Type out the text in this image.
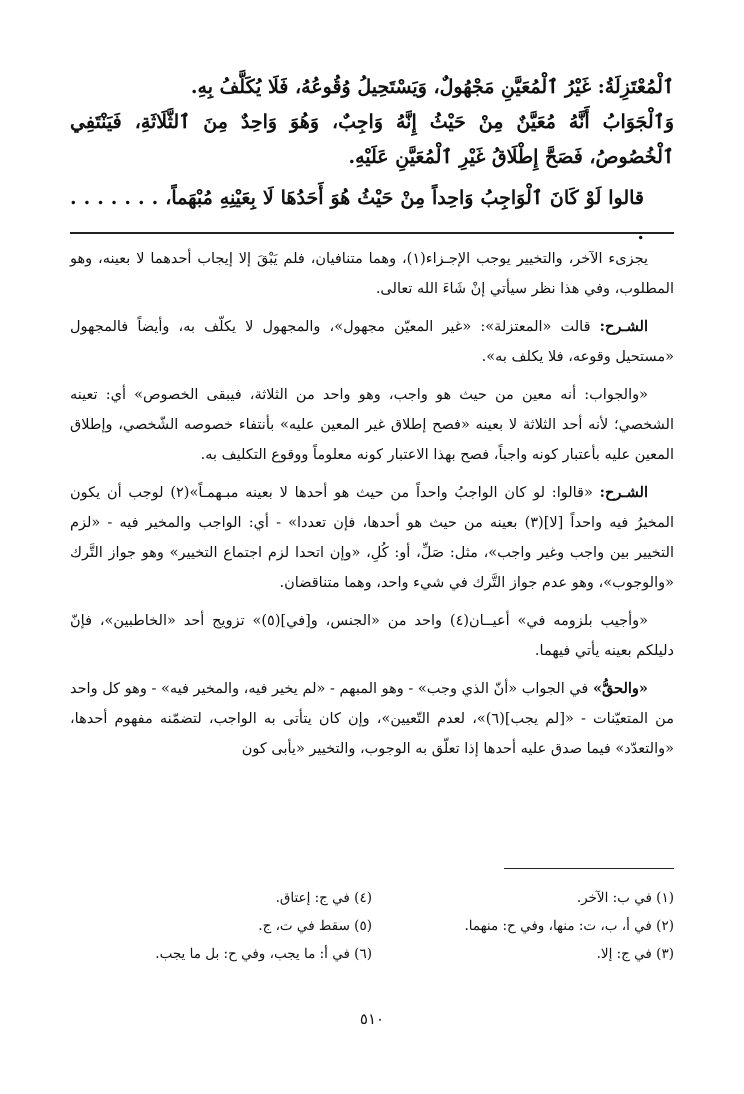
ٱلْمُعْتَزِلَةُ: غَيْرُ ٱلْمُعَيَّنِ مَجْهُولٌ، وَيَسْتَحِيلُ وُقُوعُهُ، فَلَا يُكَلَّفُ بِهِ.

وَٱلْجَوَابُ أَنَّهُ مُعَيَّنٌ مِنْ حَيْثُ إِنَّهُ وَاجِبٌ، وَهُوَ وَاحِدٌ مِنَ ٱلثَّلَاثَةِ، فَيَنْتَفِي ٱلْخُصُوصُ، فَصَحَّ إِطْلَاقُ غَيْرِ ٱلْمُعَيَّنِ عَلَيْهِ.

قالوا لَوْ كَانَ ٱلْوَاجِبُ وَاحِداً مِنْ حَيْثُ هُوَ أَحَدُهَا لَا بِعَيْنِهِ مُبْهَماً، . . . . . . . .

يجزىء الآخر، والتخيير يوجب الإجـزاء(١)، وهما متنافيان، فلم يَبْقَ إلا إيجاب أحدهما لا بعينه، وهو المطلوب، وفي هذا نظر سيأتي إنْ شَاءَ الله تعالى.

الشـرح: قالت «المعتزلة»: «غير المعيّن مجهول»، والمجهول لا يكلّف به، وأيضاً فالمجهول «مستحيل وقوعه، فلا يكلف به».

«والجواب: أنه معين من حيث هو واجب، وهو واحد من الثلاثة، فيبقى الخصوص» أي: تعينه الشخصي؛ لأنه أحد الثلاثة لا بعينه «فصح إطلاق غير المعين عليه» بأنتفاء خصوصه الشّخصي، وإطلاق المعين عليه بأعتبار كونه واجباً، فصح بهذا الاعتبار كونه معلوماً ووقوع التكليف به.

الشـرح: «قالوا: لو كان الواجبُ واحداً من حيث هو أحدها لا بعينه مبـهمـاً»(٢) لوجب أن يكون المخيرُ فيه واحداً [لا](٣) بعينه من حيث هو أحدها، فإن تعددا» - أي: الواجب والمخير فيه - «لزم التخيير بين واجب وغير واجب»، مثل: صَلِّ، أو: كُلِ، «وإن اتحدا لزم اجتماع التخيير» وهو جواز التَّرك «والوجوب»، وهو عدم جواز التَّرك في شيء واحد، وهما متناقضان.

«وأجيب بلزومه في» أعيــان(٤) واحد من «الجنس، و[في](٥)» تزويج أحد «الخاطبين»، فإنّ دليلكم بعينه يأتي فيهما.

«والحقُّ» في الجواب «أنّ الذي وجب» - وهو المبهم - «لم يخير فيه، والمخير فيه» - وهو كل واحد من المتعيّنات - «[لم يجب](٦)»، لعدم التّعيين»، وإن كان يتأتى به الواجب، لتضمّنه مفهوم أحدها، «والتعدّد» فيما صدق عليه أحدها إذا تعلّق به الوجوب، والتخيير «يأبى كون

(١) في ب: الآخر.
(٤) في ج: إعتاق.
(٢) في أ، ب، ت: منها، وفي ح: منهما.
(٥) سقط في ت، ج.
(٣) في ج: إلا.
(٦) في أ: ما يجب، وفي ح: بل ما يجب.
٥١٠
